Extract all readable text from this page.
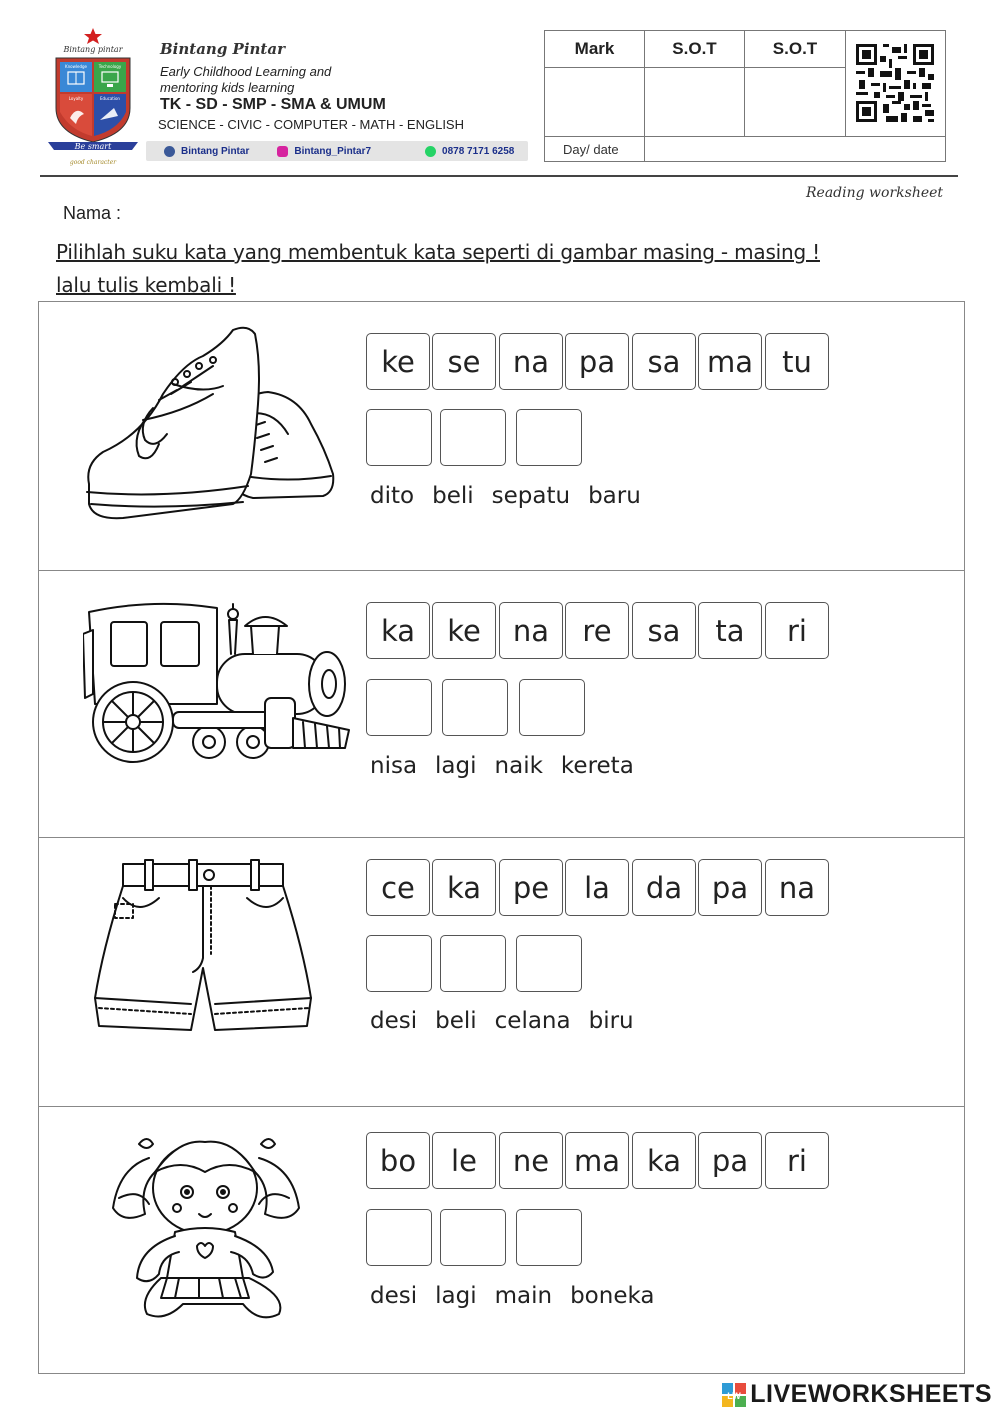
Bintang pintar
Knowledge	Technology
Loyalty	Education
Be smart
good character
Bintang Pintar
Early Childhood Learning and
mentoring kids learning
TK - SD - SMP - SMA & UMUM
SCIENCE - CIVIC - COMPUTER - MATH - ENGLISH
Bintang Pintar	Bintang_Pintar7	0878 7171 6258
Mark	S.O.T	S.O.T
Day/ date
Reading worksheet
Nama :
Pilihlah suku kata yang membentuk kata seperti di gambar masing - masing !
lalu tulis kembali !
ke	se	na	pa	sa ma	tu
dito beli sepatu baru
ka	ke	na	re	sa	ta	ri
nisa lagi naik kereta
ce	ka	pe	la	da	pa	na
desi beli celana biru
bo	le	ne ma ka	pa	ri
desi lagi main boneka
LW LIVEWORKSHEETS
